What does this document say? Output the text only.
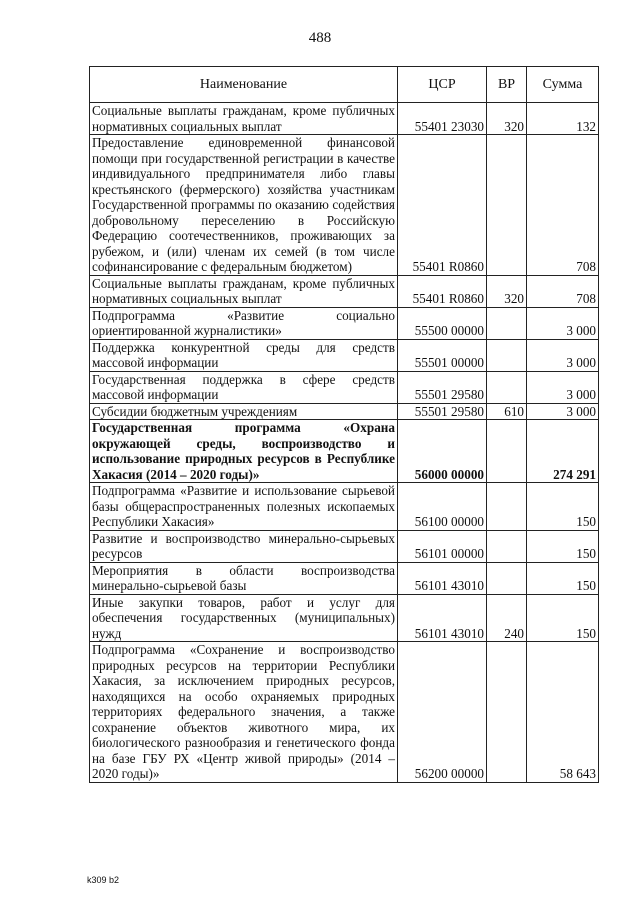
488
Наименование	ЦСР	ВР	Сумма
Социальные выплаты гражданам, кроме публичных нормативных социальных выплат	55401 23030	320	132
Предоставление единовременной финансовой помощи при государственной регистрации в качестве индивидуального предпринимателя либо главы крестьянского (фермерского) хозяйства участникам Государственной программы по оказанию содействия добровольному переселению в Российскую Федерацию соотечественников, проживающих за рубежом, и (или) членам их семей (в том числе софинансирование с федеральным бюджетом)	55401 R0860		708
Социальные выплаты гражданам, кроме публичных нормативных социальных выплат	55401 R0860	320	708
Подпрограмма «Развитие социально ориентированной журналистики»	55500 00000		3 000
Поддержка конкурентной среды для средств массовой информации	55501 00000		3 000
Государственная поддержка в сфере средств массовой информации	55501 29580		3 000
Субсидии бюджетным учреждениям	55501 29580	610	3 000
Государственная программа «Охрана окружающей среды, воспроизводство и использование природных ресурсов в Республике Хакасия (2014 – 2020 годы)»	56000 00000		274 291
Подпрограмма «Развитие и использование сырьевой базы общераспространенных полезных ископаемых Республики Хакасия»	56100 00000		150
Развитие и воспроизводство минерально-сырьевых ресурсов	56101 00000		150
Мероприятия в области воспроизводства минерально-сырьевой базы	56101 43010		150
Иные закупки товаров, работ и услуг для обеспечения государственных (муниципальных) нужд	56101 43010	240	150
Подпрограмма «Сохранение и воспроизводство природных ресурсов на территории Республики Хакасия, за исключением природных ресурсов, находящихся на особо охраняемых природных территориях федерального значения, а также сохранение объектов животного мира, их биологического разнообразия и генетического фонда на базе ГБУ РХ «Центр живой природы» (2014 – 2020 годы)»	56200 00000		58 643
k309 b2
